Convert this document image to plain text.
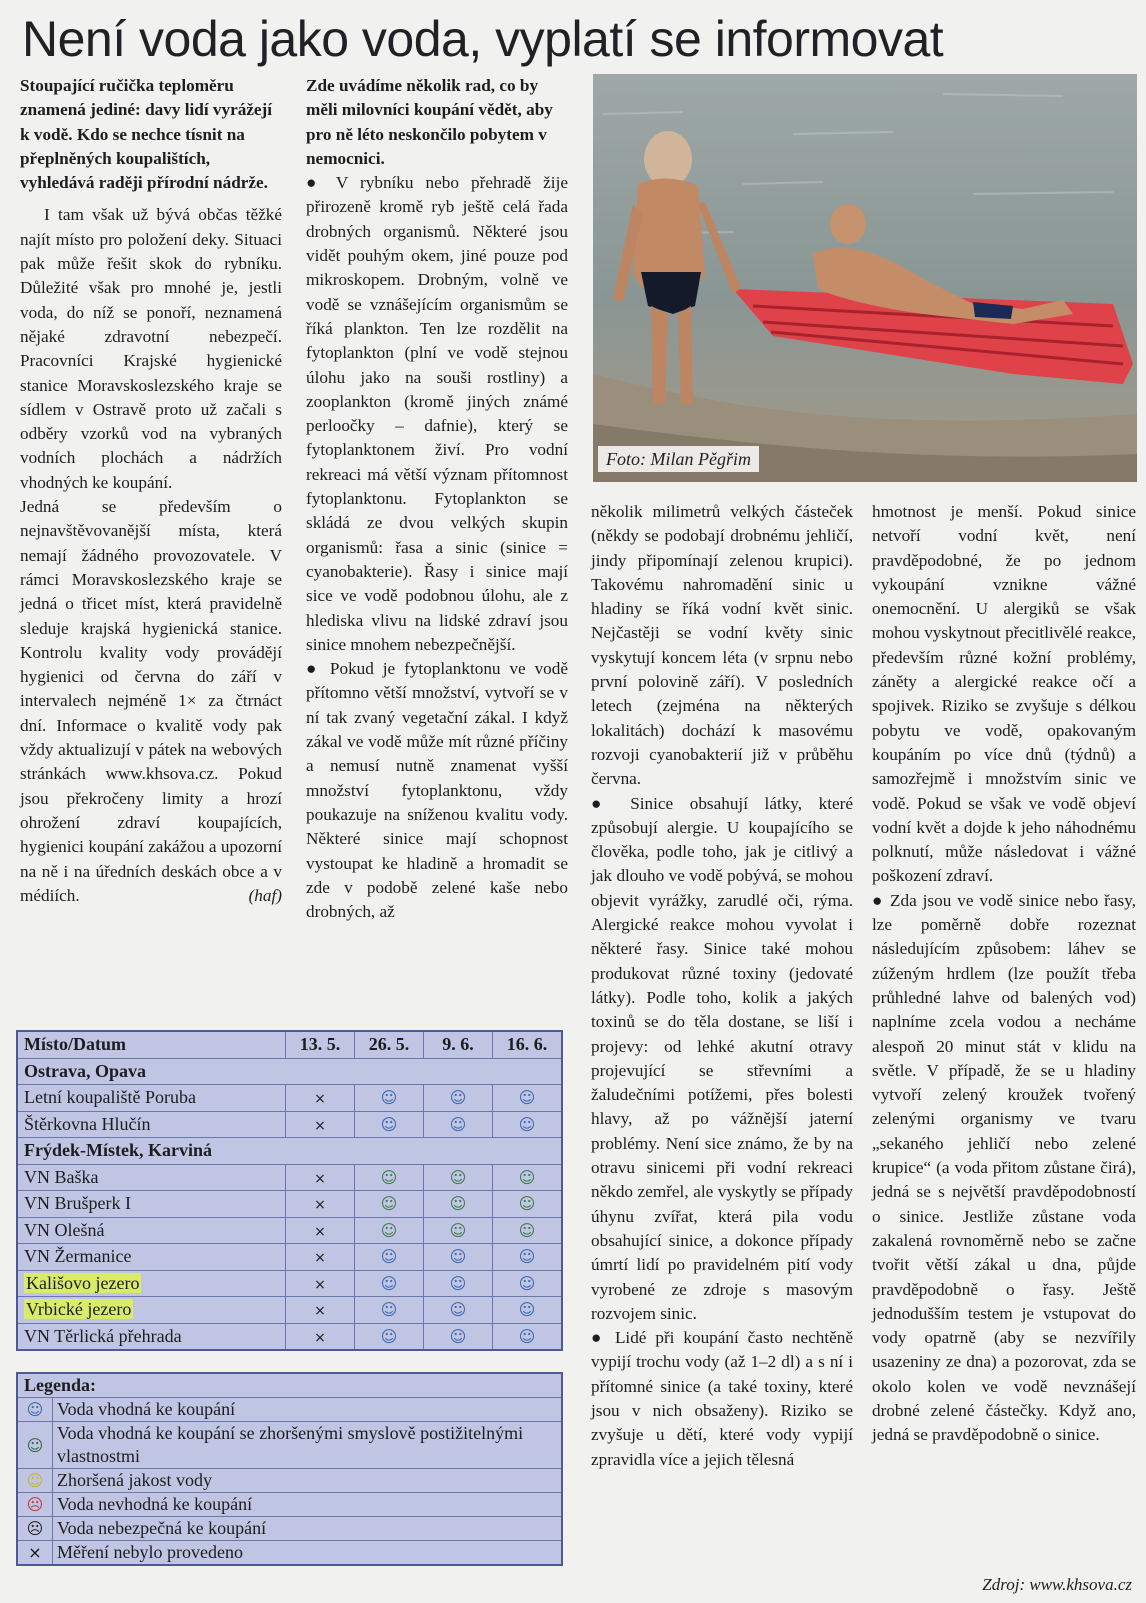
Není voda jako voda, vyplatí se informovat

Stoupající ručička teploměru znamená jediné: davy lidí vyrážejí k vodě. Kdo se nechce tísnit na přeplněných koupalištích, vyhledává raději přírodní nádrže.

I tam však už bývá občas těžké najít místo pro položení deky. Situaci pak může řešit skok do rybníku. Důležité však pro mnohé je, jestli voda, do níž se ponoří, neznamená nějaké zdravotní nebezpečí. Pracovníci Krajské hygienické stanice Moravskoslezského kraje se sídlem v Ostravě proto už začali s odběry vzorků vod na vybraných vodních plochách a nádržích vhodných ke koupání.

Jedná se především o nejnavštěvovanější místa, která nemají žádného provozovatele. V rámci Moravskoslezského kraje se jedná o třicet míst, která pravidelně sleduje krajská hygienická stanice. Kontrolu kvality vody provádějí hygienici od června do září v intervalech nejméně 1× za čtrnáct dní. Informace o kvalitě vody pak vždy aktualizují v pátek na webových stránkách www.khsova.cz. Pokud jsou překročeny limity a hrozí ohrožení zdraví koupajících, hygienici koupání zakážou a upozorní na ně i na úředních deskách obce a v médiích.	(haf)

Zde uvádíme několik rad, co by měli milovníci koupání vědět, aby pro ně léto neskončilo pobytem v nemocnici.

● V rybníku nebo přehradě žije přirozeně kromě ryb ještě celá řada drobných organismů. Některé jsou vidět pouhým okem, jiné pouze pod mikroskopem. Drobným, volně ve vodě se vznášejícím organismům se říká plankton. Ten lze rozdělit na fytoplankton (plní ve vodě stejnou úlohu jako na souši rostliny) a zooplankton (kromě jiných známé perloočky – dafnie), který se fytoplanktonem živí. Pro vodní rekreaci má větší význam přítomnost fytoplanktonu. Fytoplankton se skládá ze dvou velkých skupin organismů: řasa a sinic (sinice = cyanobakterie). Řasy i sinice mají sice ve vodě podobnou úlohu, ale z hlediska vlivu na lidské zdraví jsou sinice mnohem nebezpečnější.

● Pokud je fytoplanktonu ve vodě přítomno větší množství, vytvoří se v ní tak zvaný vegetační zákal. I když zákal ve vodě může mít různé příčiny a nemusí nutně znamenat vyšší množství fytoplanktonu, vždy poukazuje na sníženou kvalitu vody. Některé sinice mají schopnost vystoupat ke hladině a hromadit se zde v podobě zelené kaše nebo drobných, až

Foto: Milan Pěgřim

několik milimetrů velkých částeček (někdy se podobají drobnému jehličí, jindy připomínají zelenou krupici). Takovému nahromadění sinic u hladiny se říká vodní květ sinic. Nejčastěji se vodní květy sinic vyskytují koncem léta (v srpnu nebo první polovině září). V posledních letech (zejména na některých lokalitách) dochází k masovému rozvoji cyanobakterií již v průběhu června.

● Sinice obsahují látky, které způsobují alergie. U koupajícího se člověka, podle toho, jak je citlivý a jak dlouho ve vodě pobývá, se mohou objevit vyrážky, zarudlé oči, rýma. Alergické reakce mohou vyvolat i některé řasy. Sinice také mohou produkovat různé toxiny (jedovaté látky). Podle toho, kolik a jakých toxinů se do těla dostane, se liší i projevy: od lehké akutní otravy projevující se střevními a žaludečními potížemi, přes bolesti hlavy, až po vážnější jaterní problémy. Není sice známo, že by na otravu sinicemi při vodní rekreaci někdo zemřel, ale vyskytly se případy úhynu zvířat, která pila vodu obsahující sinice, a dokonce případy úmrtí lidí po pravidelném pití vody vyrobené ze zdroje s masovým rozvojem sinic.

● Lidé při koupání často nechtěně vypijí trochu vody (až 1–2 dl) a s ní i přítomné sinice (a také toxiny, které jsou v nich obsaženy). Riziko se zvyšuje u dětí, které vody vypijí zpravidla více a jejich tělesná

hmotnost je menší. Pokud sinice netvoří vodní květ, není pravděpodobné, že po jednom vykoupání vznikne vážné onemocnění. U alergiků se však mohou vyskytnout přecitlivělé reakce, především různé kožní problémy, záněty a alergické reakce očí a spojivek. Riziko se zvyšuje s délkou pobytu ve vodě, opakovaným koupáním po více dnů (týdnů) a samozřejmě i množstvím sinic ve vodě. Pokud se však ve vodě objeví vodní květ a dojde k jeho náhodnému polknutí, může následovat i vážné poškození zdraví.

● Zda jsou ve vodě sinice nebo řasy, lze poměrně dobře rozeznat následujícím způsobem: láhev se zúženým hrdlem (lze použít třeba průhledné lahve od balených vod) naplníme zcela vodou a necháme alespoň 20 minut stát v klidu na světle. V případě, že se u hladiny vytvoří zelený kroužek tvořený zelenými organismy ve tvaru „sekaného jehličí nebo zelené krupice“ (a voda přitom zůstane čirá), jedná se s největší pravděpodobností o sinice. Jestliže zůstane voda zakalená rovnoměrně nebo se začne tvořit větší zákal u dna, půjde pravděpodobně o řasy. Ještě jednodušším testem je vstupovat do vody opatrně (aby se nezvířily usazeniny ze dna) a pozorovat, zda se okolo kolen ve vodě nevznášejí drobné zelené částečky. Když ano, jedná se pravděpodobně o sinice.

Zdroj: www.khsova.cz
Místo/Datum	13. 5.	26. 5.	9. 6.	16. 6.
Ostrava, Opava				
Letní koupaliště Poruba	×	☺	☺	☺
Štěrkovna Hlučín	×	☺	☺	☺
Frýdek-Místek, Karviná				
VN Baška	×	☺	☺	☺
VN Brušperk I	×	☺	☺	☺
VN Olešná	×	☺	☺	☺
VN Žermanice	×	☺	☺	☺
Kališovo jezero	×	☺	☺	☺
Vrbické jezero	×	☺	☺	☺
VN Těrlická přehrada	×	☺	☺	☺
Legenda:	
☺	Voda vhodná ke koupání
☺	Voda vhodná ke koupání se zhoršenými smyslově postižitelnými vlastnostmi
☺	Zhoršená jakost vody
☹	Voda nevhodná ke koupání
☹	Voda nebezpečná ke koupání
×	Měření nebylo provedeno
